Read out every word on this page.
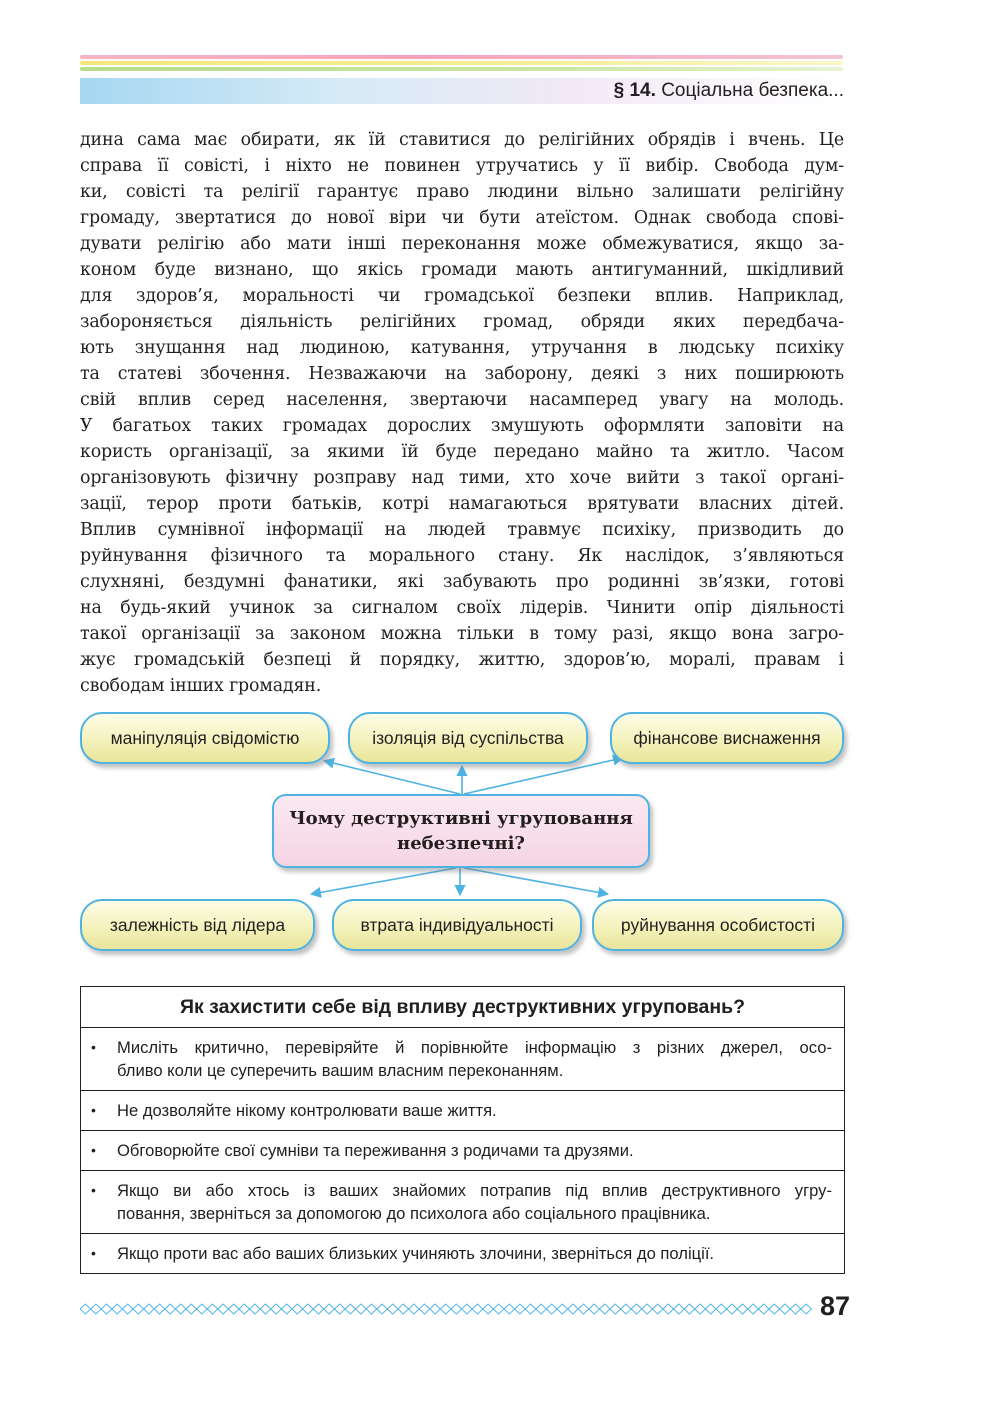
§ 14. Соціальна безпека...
дина сама має обирати, як їй ставитися до релігійних обрядів і вчень. Це
справа її совісті, і ніхто не повинен утручатись у її вибір. Свобода дум-
ки, совісті та релігії гарантує право людини вільно залишати релігійну
громаду, звертатися до нової віри чи бути атеїстом. Однак свобода спові-
дувати релігію або мати інші переконання може обмежуватися, якщо за-
коном буде визнано, що якісь громади мають антигуманний, шкідливий
для здоров’я, моральності чи громадської безпеки вплив. Наприклад,
забороняється діяльність релігійних громад, обряди яких передбача-
ють знущання над людиною, катування, утручання в людську психіку
та статеві збочення. Незважаючи на заборону, деякі з них поширюють
свій вплив серед населення, звертаючи насамперед увагу на молодь.
У багатьох таких громадах дорослих змушують оформляти заповіти на
користь організації, за якими їй буде передано майно та житло. Часом
організовують фізичну розправу над тими, хто хоче вийти з такої органі-
зації, терор проти батьків, котрі намагаються врятувати власних дітей.
Вплив сумнівної інформації на людей травмує психіку, призводить до
руйнування фізичного та морального стану. Як наслідок, з’являються
слухняні, бездумні фанатики, які забувають про родинні зв’язки, готові
на будь-який учинок за сигналом своїх лідерів. Чинити опір діяльності
такої організації за законом можна тільки в тому разі, якщо вона загро-
жує громадській безпеці й порядку, життю, здоров’ю, моралі, правам і
свободам інших громадян.
маніпуляція свідомістю	ізоляція від суспільства	фінансове виснаження
Чому деструктивні угруповання
небезпечні?
залежність від лідера	втрата індивідуальності	руйнування особистості
Як захистити себе від впливу деструктивних угруповань?
• Мисліть критично, перевіряйте й порівнюйте інформацію з різних джерел, осо-
бливо коли це суперечить вашим власним переконанням.
• Не дозволяйте нікому контролювати ваше життя.
• Обговорюйте свої сумніви та переживання з родичами та друзями.
• Якщо ви або хтось із ваших знайомих потрапив під вплив деструктивного угру-
повання, зверніться за допомогою до психолога або соціального працівника.
• Якщо проти вас або ваших близьких учиняють злочини, зверніться до поліції.
87
